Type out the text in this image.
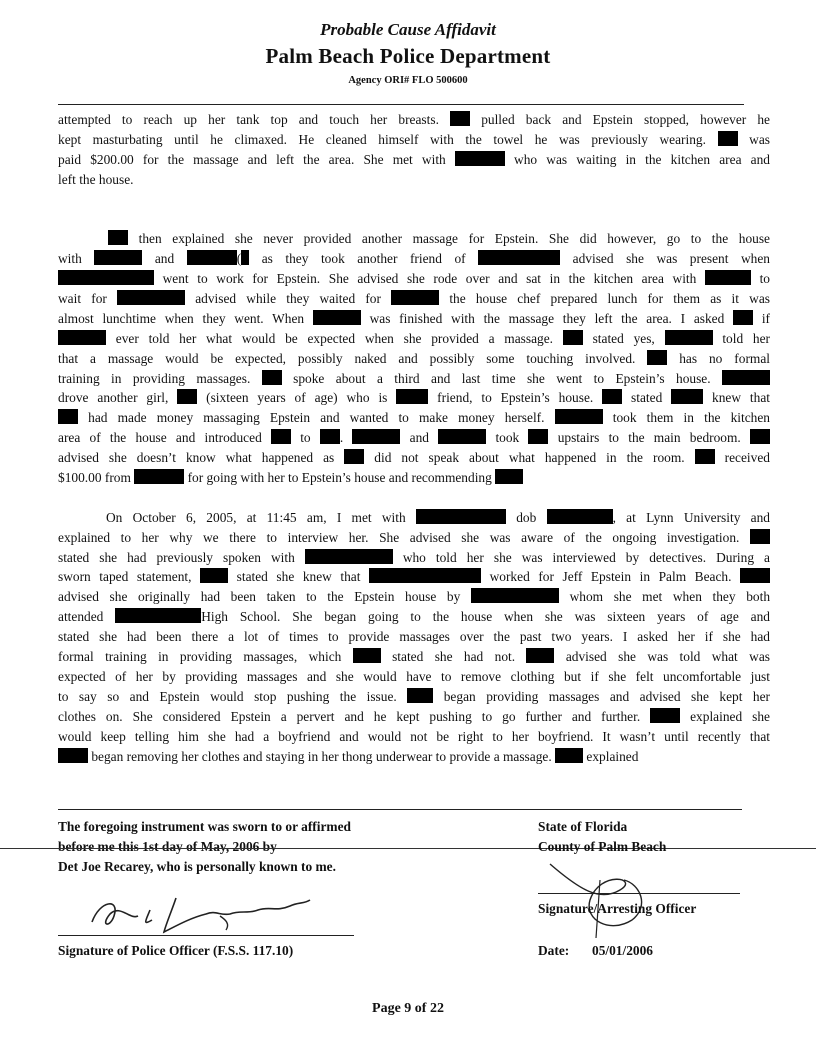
Probable Cause Affidavit
Palm Beach Police Department
Agency ORI# FLO 500600
attempted to reach up her tank top and touch her breasts.  pulled back and Epstein stopped, however he
kept masturbating until he climaxed. He cleaned himself with the towel he was previously wearing.  was
paid $200.00 for the massage and left the area. She met with	who was waiting in the kitchen area and
left the house.

then explained she never provided another massage for Epstein. She did however, go to the house
with	and	( as they took another friend of	advised she was present when
went to work for Epstein. She advised she rode over and sat in the kitchen area with	to
wait for	advised while they waited for	the house chef prepared lunch for them as it was
almost lunchtime when they went. When	was finished with the massage they left the area. I asked  if
ever told her what would be expected when she provided a massage.  stated yes,	told her
that a massage would be expected, possibly naked and possibly some touching involved.  has no formal
training in providing massages.  spoke about a third and last time she went to Epstein’s house.
drove another girl,  (sixteen years of age) who is  friend, to Epstein’s house.  stated  knew that
had made money massaging Epstein and wanted to make money herself.	took them in the kitchen
area of the house and introduced  to .	and	took  upstairs to the main bedroom.
advised she doesn’t know what happened as  did not speak about what happened in the room.  received
$100.00 from	for going with her to Epstein’s house and recommending

On October 6, 2005, at 11:45 am, I met with	dob	, at Lynn University and
explained to her why we there to interview her. She advised she was aware of the ongoing investigation.
stated she had previously spoken with	who told her she was interviewed by detectives. During a
sworn taped statement,  stated she knew that	worked for Jeff Epstein in Palm Beach.
advised she originally had been taken to the Epstein house by	whom she met when they both
attended	High School. She began going to the house when she was sixteen years of age and
stated she had been there a lot of times to provide massages over the past two years. I asked her if she had
formal training in providing massages, which  stated she had not.  advised she was told what was
expected of her by providing massages and she would have to remove clothing but if she felt uncomfortable just
to say so and Epstein would stop pushing the issue.  began providing massages and advised she kept her
clothes on. She considered Epstein a pervert and he kept pushing to go further and further.  explained she
would keep telling him she had a boyfriend and would not be right to her boyfriend. It wasn’t until recently that
began removing her clothes and staying in her thong underwear to provide a massage.  explained
The foregoing instrument was sworn to or affirmed
before me this 1st day of May, 2006 by
Det Joe Recarey, who is personally known to me.
Signature of Police Officer (F.S.S. 117.10)
State of Florida
County of Palm Beach
Signature/Arresting Officer
Date: 05/01/2006
Page 9 of 22
